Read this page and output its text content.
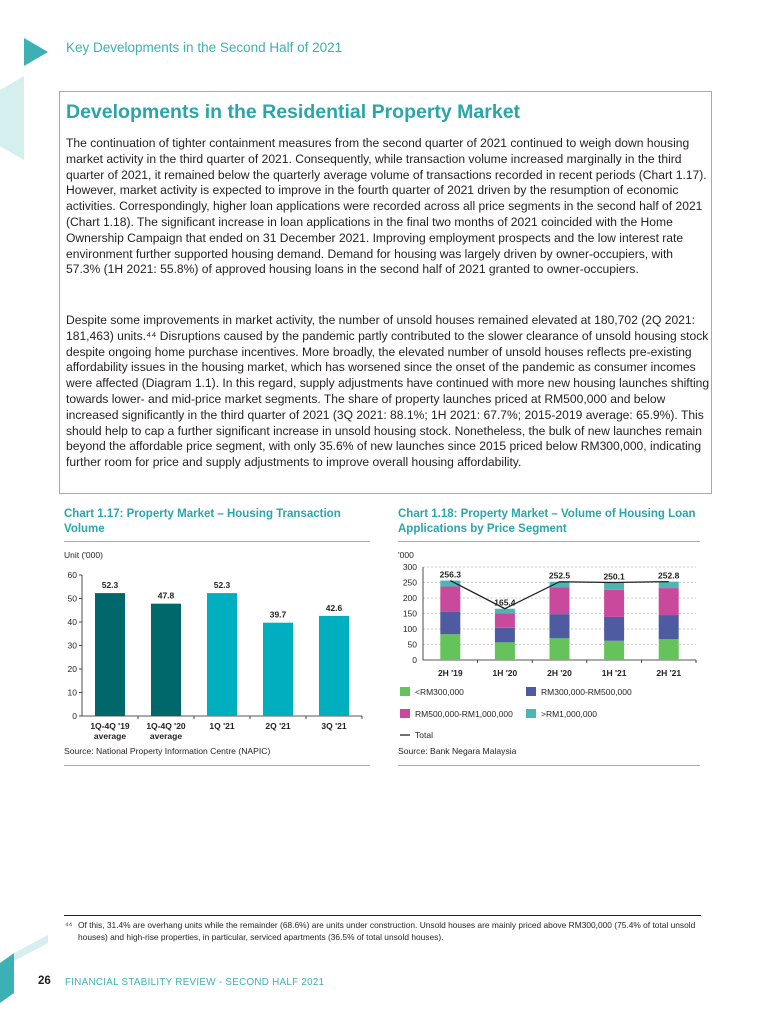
Key Developments in the Second Half of 2021
Developments in the Residential Property Market

The continuation of tighter containment measures from the second quarter of 2021 continued to weigh down housing market activity in the third quarter of 2021. Consequently, while transaction volume increased marginally in the third quarter of 2021, it remained below the quarterly average volume of transactions recorded in recent periods (Chart 1.17). However, market activity is expected to improve in the fourth quarter of 2021 driven by the resumption of economic activities. Correspondingly, higher loan applications were recorded across all price segments in the second half of 2021 (Chart 1.18). The significant increase in loan applications in the final two months of 2021 coincided with the Home Ownership Campaign that ended on 31 December 2021. Improving employment prospects and the low interest rate environment further supported housing demand. Demand for housing was largely driven by owner-occupiers, with 57.3% (1H 2021: 55.8%) of approved housing loans in the second half of 2021 granted to owner-occupiers.

Despite some improvements in market activity, the number of unsold houses remained elevated at 180,702 (2Q 2021: 181,463) units.⁴⁴ Disruptions caused by the pandemic partly contributed to the slower clearance of unsold housing stock despite ongoing home purchase incentives. More broadly, the elevated number of unsold houses reflects pre-existing affordability issues in the housing market, which has worsened since the onset of the pandemic as consumer incomes were affected (Diagram 1.1). In this regard, supply adjustments have continued with more new housing launches shifting towards lower- and mid-price market segments. The share of property launches priced at RM500,000 and below increased significantly in the third quarter of 2021 (3Q 2021: 88.1%; 1H 2021: 67.7%; 2015-2019 average: 65.9%). This should help to cap a further significant increase in unsold housing stock. Nonetheless, the bulk of new launches remain beyond the affordable price segment, with only 35.6% of new launches since 2015 priced below RM300,000, indicating further room for price and supply adjustments to improve overall housing affordability.

Chart 1.17: Property Market – Housing Transaction Volume
Unit ('000)
0
10
20
30
40
50
60
52.3
1Q-4Q '19
average
47.8
1Q-4Q '20
average
52.3
1Q '21
39.7
2Q '21
42.6
3Q '21
Source: National Property Information Centre (NAPIC)
Chart 1.18: Property Market – Volume of Housing Loan Applications by Price Segment
'000
0
50
100
150
200
250
300
2H '19	1H '20	2H '20	1H '21	2H '21
256.3
165.4
252.5	250.1	252.8
<RM300,000	RM300,000-RM500,000
RM500,000-RM1,000,000	>RM1,000,000
Total
Source: Bank Negara Malaysia
⁴⁴ Of this, 31.4% are overhang units while the remainder (68.6%) are units under construction. Unsold houses are mainly priced above RM300,000 (75.4% of total unsold houses) and high-rise properties, in particular, serviced apartments (36.5% of total unsold houses).
26 FINANCIAL STABILITY REVIEW - SECOND HALF 2021
